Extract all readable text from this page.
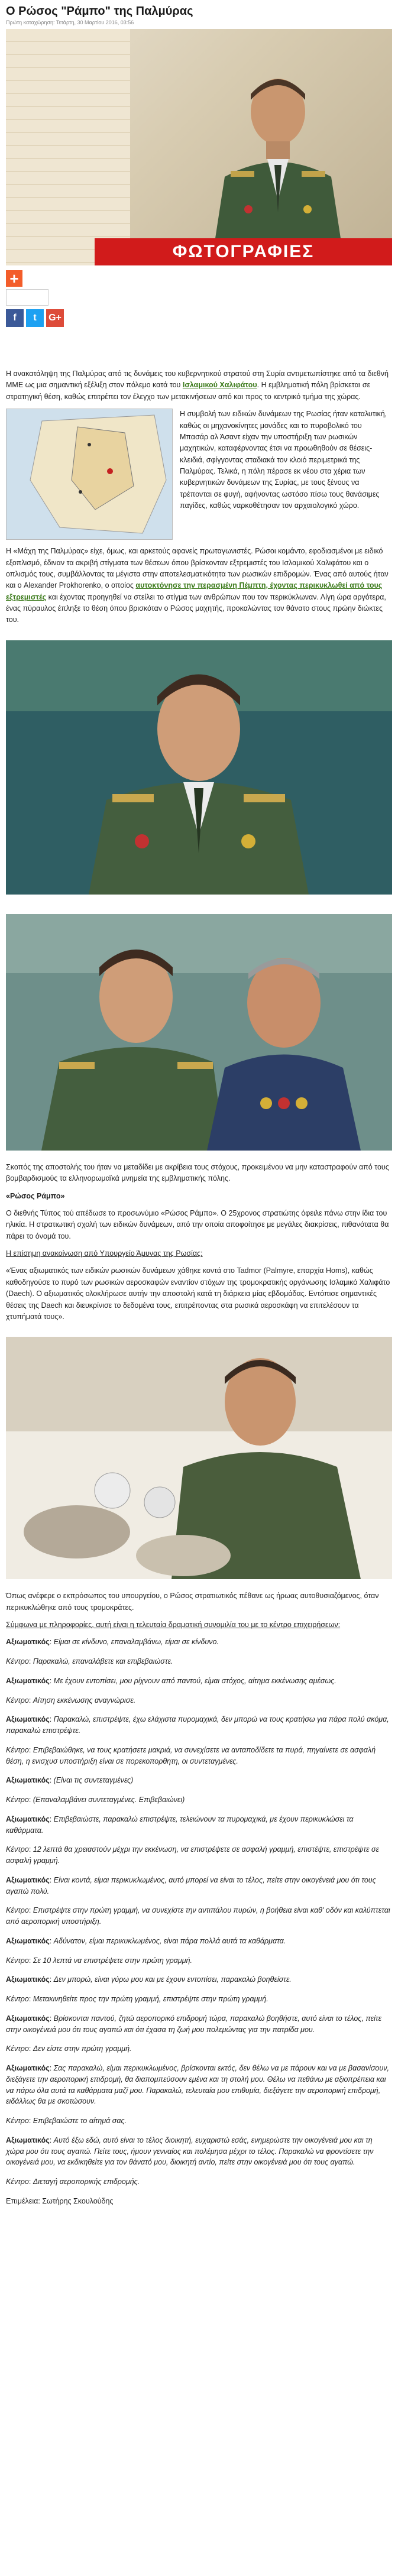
Ο Ρώσος "Ράμπο" της Παλμύρας
Πρώτη καταχώρηση: Τετάρτη, 30 Μαρτίου 2016, 03:56
ΦΩΤΟΓΡΑΦΙΕΣ
+
f	t	G+

Η ανακατάληψη της Παλμύρας από τις δυνάμεις του κυβερνητικού στρατού στη Συρία αντιμετωπίστηκε από τα διεθνή ΜΜΕ ως μια σημαντική εξέλιξη στον πόλεμο κατά του Ισλαμικού Χαλιφάτου. Η εμβληματική πόλη βρίσκεται σε στρατηγική θέση, καθώς επιτρέπει τον έλεγχο των μετακινήσεων από και προς το κεντρικό τμήμα της χώρας.

Η συμβολή των ειδικών δυνάμεων της Ρωσίας ήταν καταλυτική, καθώς οι μηχανοκίνητες μονάδες και το πυροβολικό του Μπασάρ αλ Άσαντ είχαν την υποστήριξη των ρωσικών μαχητικών, καταφέρνοντας έτσι να προωθηθούν σε θέσεις-κλειδιά, σφίγγοντας σταδιακά τον κλοιό περιμετρικά της Παλμύρας. Τελικά, η πόλη πέρασε εκ νέου στα χέρια των κυβερνητικών δυνάμεων της Συρίας, με τους ξένους να τρέπονται σε φυγή, αφήνοντας ωστόσο πίσω τους θανάσιμες παγίδες, καθώς ναρκοθέτησαν τον αρχαιολογικό χώρο.

Η «Μάχη της Παλμύρας» είχε, όμως, και αρκετούς αφανείς πρωταγωνιστές. Ρώσοι κομάντο, εφοδιασμένοι με ειδικό εξοπλισμό, έδιναν τα ακριβή στίγματα των θέσεων όπου βρίσκονταν εξτρεμιστές του Ισλαμικού Χαλιφάτου και ο οπλισμός τους, συμβάλλοντας τα μέγιστα στην αποτελεσματικότητα των ρωσικών επιδρομών. Ένας από αυτούς ήταν και ο Alexander Prokhorenko, ο οποίος αυτοκτόνησε την περασμένη Πέμπτη, έχοντας περικυκλωθεί από τους εξτρεμιστές και έχοντας προηγηθεί να στείλει το στίγμα των ανθρώπων που τον περικύκλωναν. Λίγη ώρα αργότερα, ένας πύραυλος έπληξε το θέση όπου βρισκόταν ο Ρώσος μαχητής, προκαλώντας τον θάνατο στους πρώην διώκτες του.

Σκοπός της αποστολής του ήταν να μεταδίδει με ακρίβεια τους στόχους, προκειμένου να μην καταστραφούν από τους βομβαρδισμούς τα ελληνορωμαϊκά μνημεία της εμβληματικής πόλης.

«Ρώσος Ράμπο»

Ο διεθνής Τύπος τού απέδωσε το προσωνύμιο «Ρώσος Ράμπο». Ο 25χρονος στρατιώτης όφειλε πάνω στην ίδια του ηλικία. Η στρατιωτική σχολή των ειδικών δυνάμεων, από την οποία αποφοίτησε με μεγάλες διακρίσεις, πιθανότατα θα πάρει το όνομά του.

Η επίσημη ανακοίνωση από Υπουργείο Άμυνας της Ρωσίας:

«Ένας αξιωματικός των ειδικών ρωσικών δυνάμεων χάθηκε κοντά στο Tadmor (Palmyre, επαρχία Homs), καθώς καθοδηγούσε το πυρό των ρωσικών αεροσκαφών εναντίον στόχων της τρομοκρατικής οργάνωσης Ισλαμικό Χαλιφάτο (Daech). Ο αξιωματικός ολοκλήρωσε αυτήν την αποστολή κατά τη διάρκεια μίας εβδομάδας. Εντόπισε σημαντικές θέσεις της Daech και διευκρίνισε το δεδομένα τους, επιτρέποντας στα ρωσικά αεροσκάφη να επιτελέσουν τα χτυπήματά τους».

Όπως ανέφερε ο εκπρόσωπος του υπουργείου, ο Ρώσος στρατιωτικός πέθανε ως ήρωας αυτοθυσιαζόμενος, όταν περικυκλώθηκε από τους τρομοκράτες.

Σύμφωνα με πληροφορίες, αυτή είναι η τελευταία δραματική συνομιλία του με το κέντρο επιχειρήσεων:

Αξιωματικός: Είμαι σε κίνδυνο, επαναλαμβάνω, είμαι σε κίνδυνο.

Κέντρο: Παρακαλώ, επαναλάβετε και επιβεβαιώστε.

Αξιωματικός: Με έχουν εντοπίσει, μου ρίχνουν από παντού, είμαι στόχος, αίτημα εκκένωσης αμέσως.

Κέντρο: Αίτηση εκκένωσης αναγνώρισε.

Αξιωματικός: Παρακαλώ, επιστρέψτε, έχω ελάχιστα πυρομαχικά, δεν μπορώ να τους κρατήσω για πάρα πολύ ακόμα, παρακαλώ επιστρέψτε.

Κέντρο: Επιβεβαιώθηκε, να τους κρατήσετε μακριά, να συνεχίσετε να ανταποδίδετε τα πυρά, πηγαίνετε σε ασφαλή θέση, η ενισχυσ υποστήριξη είναι σε πορεκοπορθητη, οι συντεταγμένες.

Αξιωματικός: (Είναι τις συντεταγμένες)

Κέντρο: (Επαναλαμβάνει συντεταγμένες. Επιβεβαιώνει)

Αξιωματικός: Επιβεβαιώστε, παρακαλώ επιστρέψτε, τελειώνουν τα πυρομαχικά, με έχουν περικυκλώσει τα καθάρματα.

Κέντρο: 12 λεπτά θα χρειαστούν μέχρι την εκκένωση, να επιστρέψετε σε ασφαλή γραμμή, επιστέψτε, επιστρέψτε σε ασφαλή γραμμή.

Αξιωματικός: Είναι κοντά, είμαι περικυκλωμένος, αυτό μπορεί να είναι το τέλος, πείτε στην οικογένειά μου ότι τους αγαπώ πολύ.

Κέντρο: Επιστρέψτε στην πρώτη γραμμή, να συνεχίστε την αντιπάλου πυρών, η βοήθεια είναι καθ' οδόν και καλύπτεται από αεροπορική υποστήριξη.

Αξιωματικός: Αδύνατον, είμαι περικυκλωμένος, είναι πάρα πολλά αυτά τα καθάρματα.

Κέντρο: Σε 10 λεπτά να επιστρέψετε στην πρώτη γραμμή.

Αξιωματικός: Δεν μπορώ, είναι γύρω μου και με έχουν εντοπίσει, παρακαλώ βοηθείστε.

Κέντρο: Μετακινηθείτε προς την πρώτη γραμμή, επιστρέψτε στην πρώτη γραμμή.

Αξιωματικός: Βρίσκονται παντού, ζητώ αεροπορικό επιδρομή τώρα, παρακαλώ βοηθήστε, αυτό είναι το τέλος, πείτε στην οικογένειά μου ότι τους αγαπώ και ότι έχασα τη ζωή μου πολεμώντας για την πατρίδα μου.

Κέντρο: Δεν είστε στην πρώτη γραμμή.

Αξιωματικός: Σας παρακαλώ, είμαι περικυκλωμένος, βρίσκονται εκτός, δεν θέλω να με πάρουν και να με βασανίσουν, διεξάγετε την αεροπορική επιδρομή, θα διαπομπεύσουν εμένα και τη στολή μου. Θέλω να πεθάνω με αξιοπρέπεια και να πάρω όλα αυτά τα καθάρματα μαζί μου. Παρακαλώ, τελευταία μου επιθυμία, διεξάγετε την αεροπορική επιδρομή, ειδάλλως θα με σκοτώσουν.

Κέντρο: Επιβεβαιώστε το αίτημά σας.

Αξιωματικός: Αυτό έξω εδώ, αυτό είναι το τέλος διοικητή, ευχαριστώ εσάς, ενημερώστε την οικογένειά μου και τη χώρα μου ότι τους αγαπώ. Πείτε τους, ήμουν γενναίος και πολέμησα μέχρι το τέλος. Παρακαλώ να φροντίσετε την οικογένειά μου, να εκδικηθείτε για τον θάνατό μου, διοικητή αντίο, πείτε στην οικογένειά μου ότι τους αγαπώ.

Κέντρο: Διεταγή αεροπορικής επιδρομής.

Επιμέλεια: Σωτήρης Σκουλούδης
